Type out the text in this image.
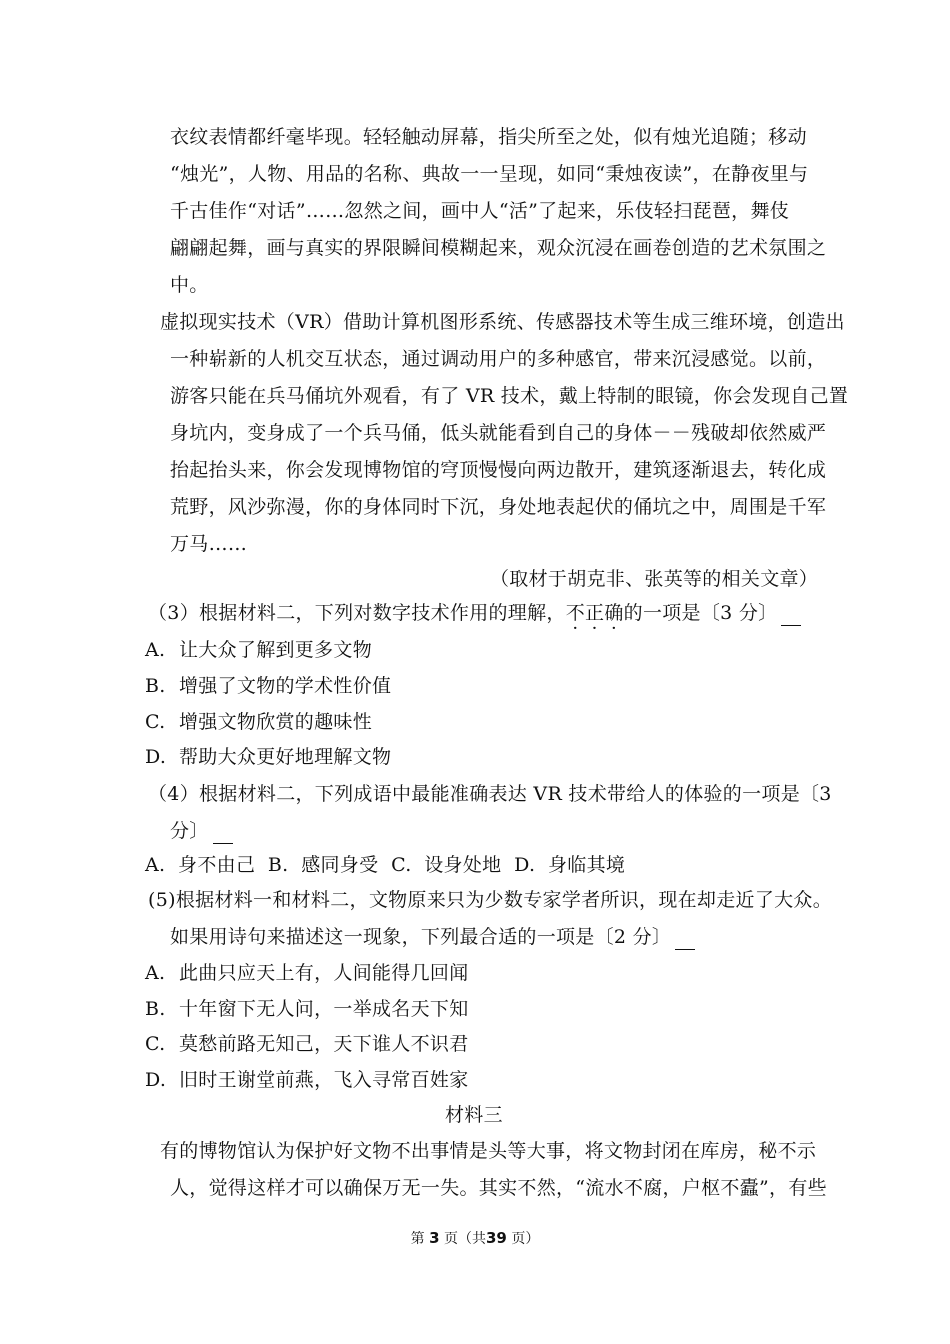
衣纹表情都纤毫毕现。轻轻触动屏幕，指尖所至之处，似有烛光追随；移动
“烛光”，人物、用品的名称、典故一一呈现，如同“秉烛夜读”，在静夜里与
千古佳作“对话”……忽然之间，画中人“活”了起来，乐伎轻扫琵琶，舞伎
翩翩起舞，画与真实的界限瞬间模糊起来，观众沉浸在画卷创造的艺术氛围之
中。
虚拟现实技术（VR）借助计算机图形系统、传感器技术等生成三维环境，创造出
一种崭新的人机交互状态，通过调动用户的多种感官，带来沉浸感觉。以前，
游客只能在兵马俑坑外观看，有了 VR 技术，戴上特制的眼镜，你会发现自己置
身坑内，变身成了一个兵马俑，低头就能看到自己的身体－－残破却依然威严
抬起抬头来，你会发现博物馆的穹顶慢慢向两边散开，建筑逐渐退去，转化成
荒野，风沙弥漫，你的身体同时下沉，身处地表起伏的俑坑之中，周围是千军
万马……
（取材于胡克非、张英等的相关文章）
（3）根据材料二，下列对数字技术作用的理解，不正确的一项是〔3 分〕
A. 让大众了解到更多文物
B. 增强了文物的学术性价值
C. 增强文物欣赏的趣味性
D. 帮助大众更好地理解文物
（4）根据材料二，下列成语中最能准确表达 VR 技术带给人的体验的一项是〔3
分〕
A.  身不由己  B.  感同身受  C.  设身处地  D.  身临其境
(5)根据材料一和材料二，文物原来只为少数专家学者所识，现在却走近了大众。
如果用诗句来描述这一现象，下列最合适的一项是〔2 分〕
A. 此曲只应天上有，人间能得几回闻
B. 十年窗下无人问，一举成名天下知
C. 莫愁前路无知己，天下谁人不识君
D. 旧时王谢堂前燕，飞入寻常百姓家
材料三
有的博物馆认为保护好文物不出事情是头等大事，将文物封闭在库房，秘不示
人，觉得这样才可以确保万无一失。其实不然，“流水不腐，户枢不蠹”，有些
第 3 页（共39 页）
